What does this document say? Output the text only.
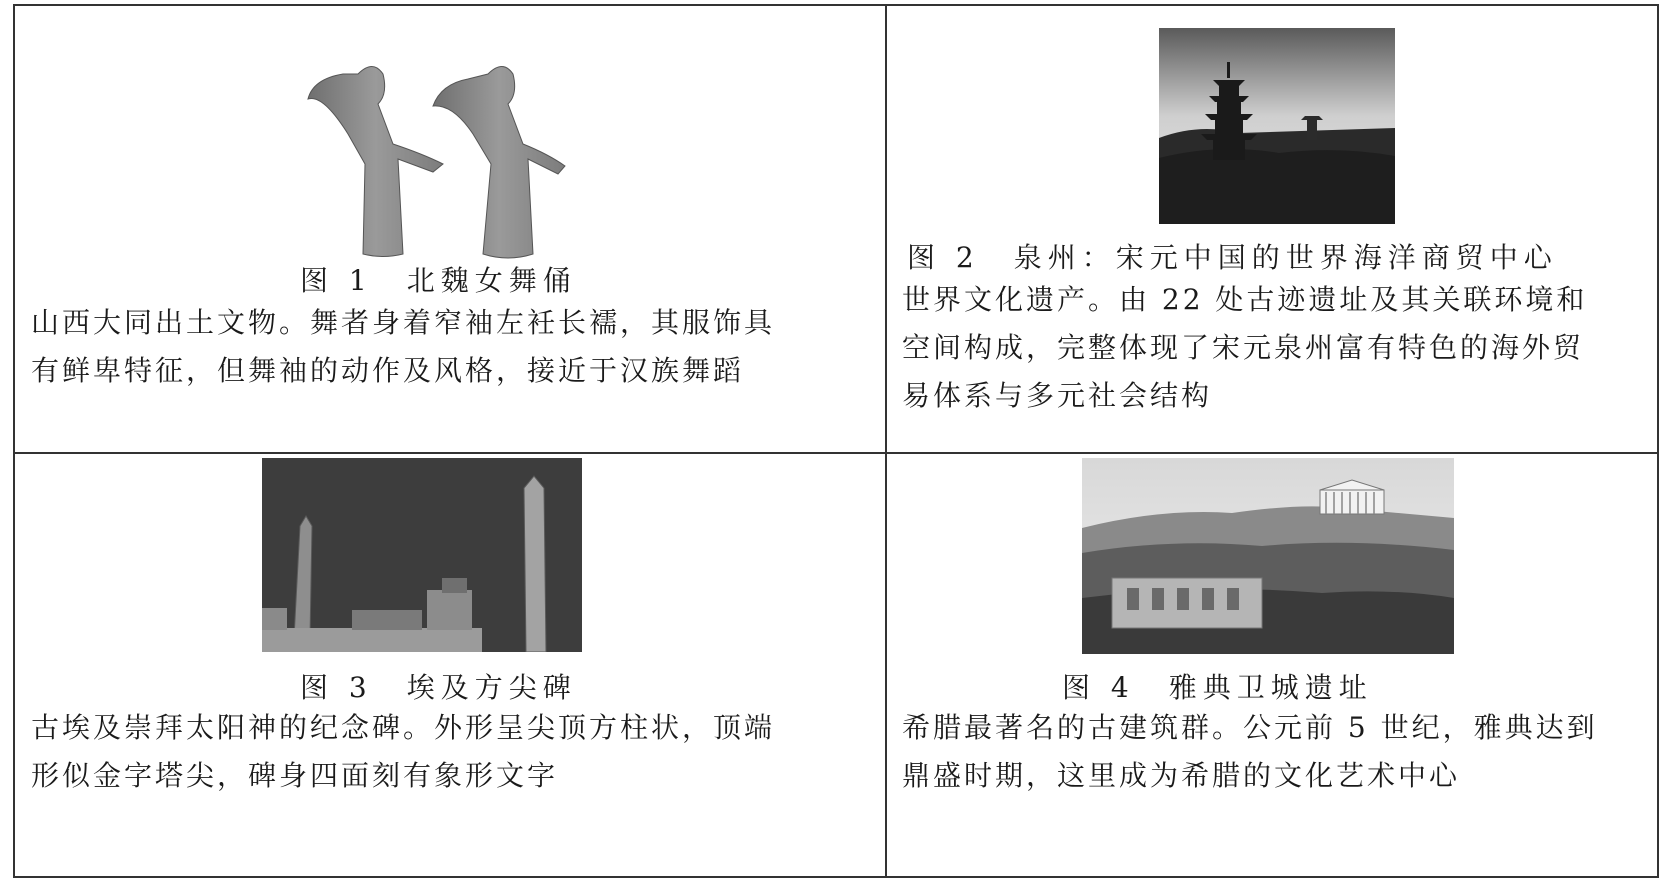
图 1　北魏女舞俑
山西大同出土文物。舞者身着窄袖左衽长襦，其服饰具
有鲜卑特征，但舞袖的动作及风格，接近于汉族舞蹈
图 2　泉州：宋元中国的世界海洋商贸中心
世界文化遗产。由 22 处古迹遗址及其关联环境和
空间构成，完整体现了宋元泉州富有特色的海外贸
易体系与多元社会结构
图 3　埃及方尖碑
古埃及崇拜太阳神的纪念碑。外形呈尖顶方柱状，顶端
形似金字塔尖，碑身四面刻有象形文字
图 4　雅典卫城遗址
希腊最著名的古建筑群。公元前 5 世纪，雅典达到
鼎盛时期，这里成为希腊的文化艺术中心
